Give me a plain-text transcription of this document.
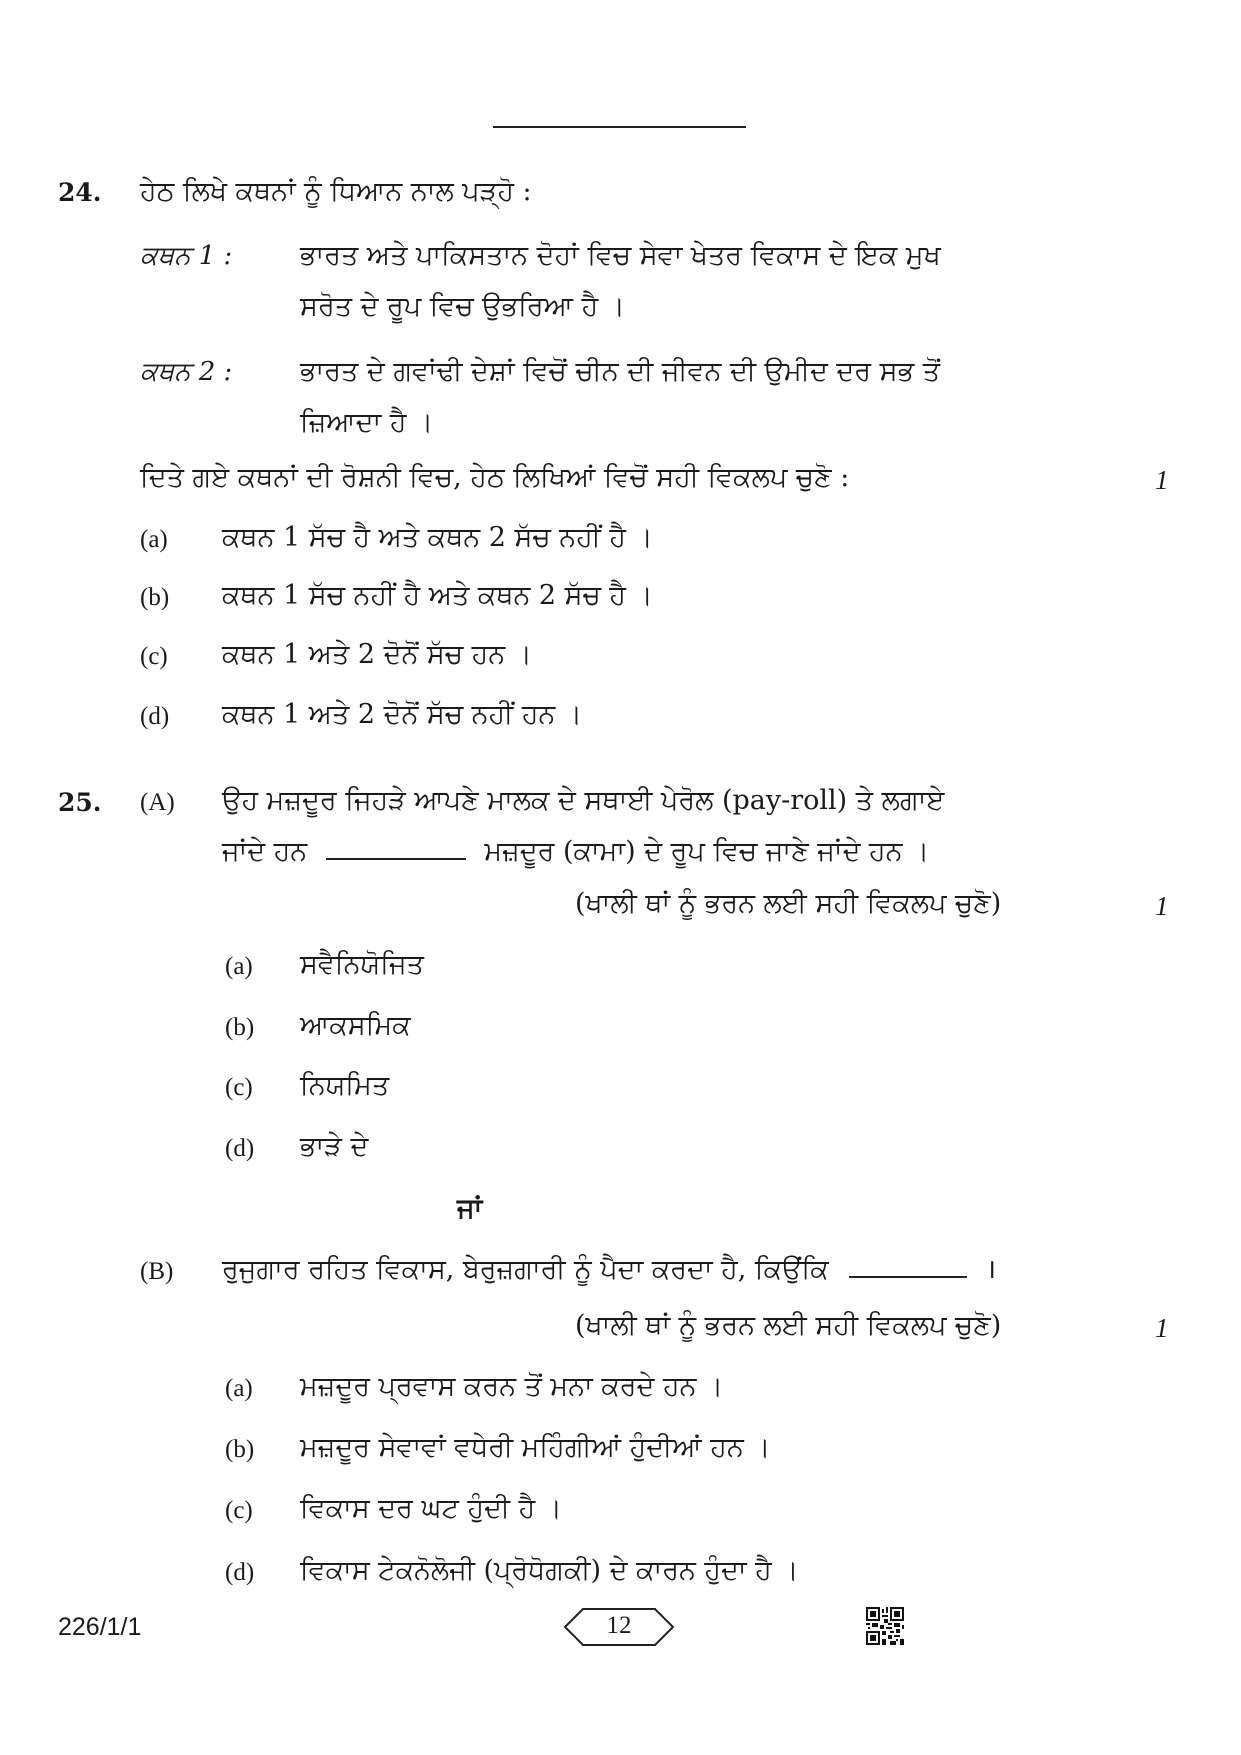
24. ਹੇਠ ਲਿਖੇ ਕਥਨਾਂ ਨੂੰ ਧਿਆਨ ਨਾਲ ਪੜ੍ਹੋ :
ਕਥਨ 1 :	ਭਾਰਤ ਅਤੇ ਪਾਕਿਸਤਾਨ ਦੋਹਾਂ ਵਿਚ ਸੇਵਾ ਖੇਤਰ ਵਿਕਾਸ ਦੇ ਇਕ ਮੁਖ
ਸਰੋਤ ਦੇ ਰੂਪ ਵਿਚ ਉਭਰਿਆ ਹੈ ।
ਕਥਨ 2 :	ਭਾਰਤ ਦੇ ਗਵਾਂਢੀ ਦੇਸ਼ਾਂ ਵਿਚੋਂ ਚੀਨ ਦੀ ਜੀਵਨ ਦੀ ਉਮੀਦ ਦਰ ਸਭ ਤੋਂ
ਜ਼ਿਆਦਾ ਹੈ ।
ਦਿਤੇ ਗਏ ਕਥਨਾਂ ਦੀ ਰੋਸ਼ਨੀ ਵਿਚ, ਹੇਠ ਲਿਖਿਆਂ ਵਿਚੋਂ ਸਹੀ ਵਿਕਲਪ ਚੁਣੋ :	1
(a) ਕਥਨ 1 ਸੱਚ ਹੈ ਅਤੇ ਕਥਨ 2 ਸੱਚ ਨਹੀਂ ਹੈ ।
(b) ਕਥਨ 1 ਸੱਚ ਨਹੀਂ ਹੈ ਅਤੇ ਕਥਨ 2 ਸੱਚ ਹੈ ।
(c) ਕਥਨ 1 ਅਤੇ 2 ਦੋਨੋਂ ਸੱਚ ਹਨ ।
(d) ਕਥਨ 1 ਅਤੇ 2 ਦੋਨੋਂ ਸੱਚ ਨਹੀਂ ਹਨ ।
25. (A) ਉਹ ਮਜ਼ਦੂਰ ਜਿਹੜੇ ਆਪਣੇ ਮਾਲਕ ਦੇ ਸਥਾਈ ਪੇਰੋਲ (pay-roll) ਤੇ ਲਗਾਏ
ਜਾਂਦੇ ਹਨ	ਮਜ਼ਦੂਰ (ਕਾਮਾ) ਦੇ ਰੂਪ ਵਿਚ ਜਾਣੇ ਜਾਂਦੇ ਹਨ ।
(ਖਾਲੀ ਥਾਂ ਨੂੰ ਭਰਨ ਲਈ ਸਹੀ ਵਿਕਲਪ ਚੁਣੋ)	1
(a) ਸਵੈਨਿਯੋਜਿਤ
(b) ਆਕਸਮਿਕ
(c) ਨਿਯਮਿਤ
(d) ਭਾੜੇ ਦੇ
ਜਾਂ
(B) ਰੁਜੁਗਾਰ ਰਹਿਤ ਵਿਕਾਸ, ਬੇਰੁਜ਼ਗਾਰੀ ਨੂੰ ਪੈਦਾ ਕਰਦਾ ਹੈ, ਕਿਉਂਕਿ	।
(ਖਾਲੀ ਥਾਂ ਨੂੰ ਭਰਨ ਲਈ ਸਹੀ ਵਿਕਲਪ ਚੁਣੋ)	1
(a) ਮਜ਼ਦੂਰ ਪ੍ਰਵਾਸ ਕਰਨ ਤੋਂ ਮਨਾ ਕਰਦੇ ਹਨ ।
(b) ਮਜ਼ਦੂਰ ਸੇਵਾਵਾਂ ਵਧੇਰੀ ਮਹਿੰਗੀਆਂ ਹੁੰਦੀਆਂ ਹਨ ।
(c) ਵਿਕਾਸ ਦਰ ਘਟ ਹੁੰਦੀ ਹੈ ।
(d) ਵਿਕਾਸ ਟੇਕਨੋਲੋਜੀ (ਪ੍ਰੋਧੋਗਕੀ) ਦੇ ਕਾਰਨ ਹੁੰਦਾ ਹੈ ।
226/1/1	12
